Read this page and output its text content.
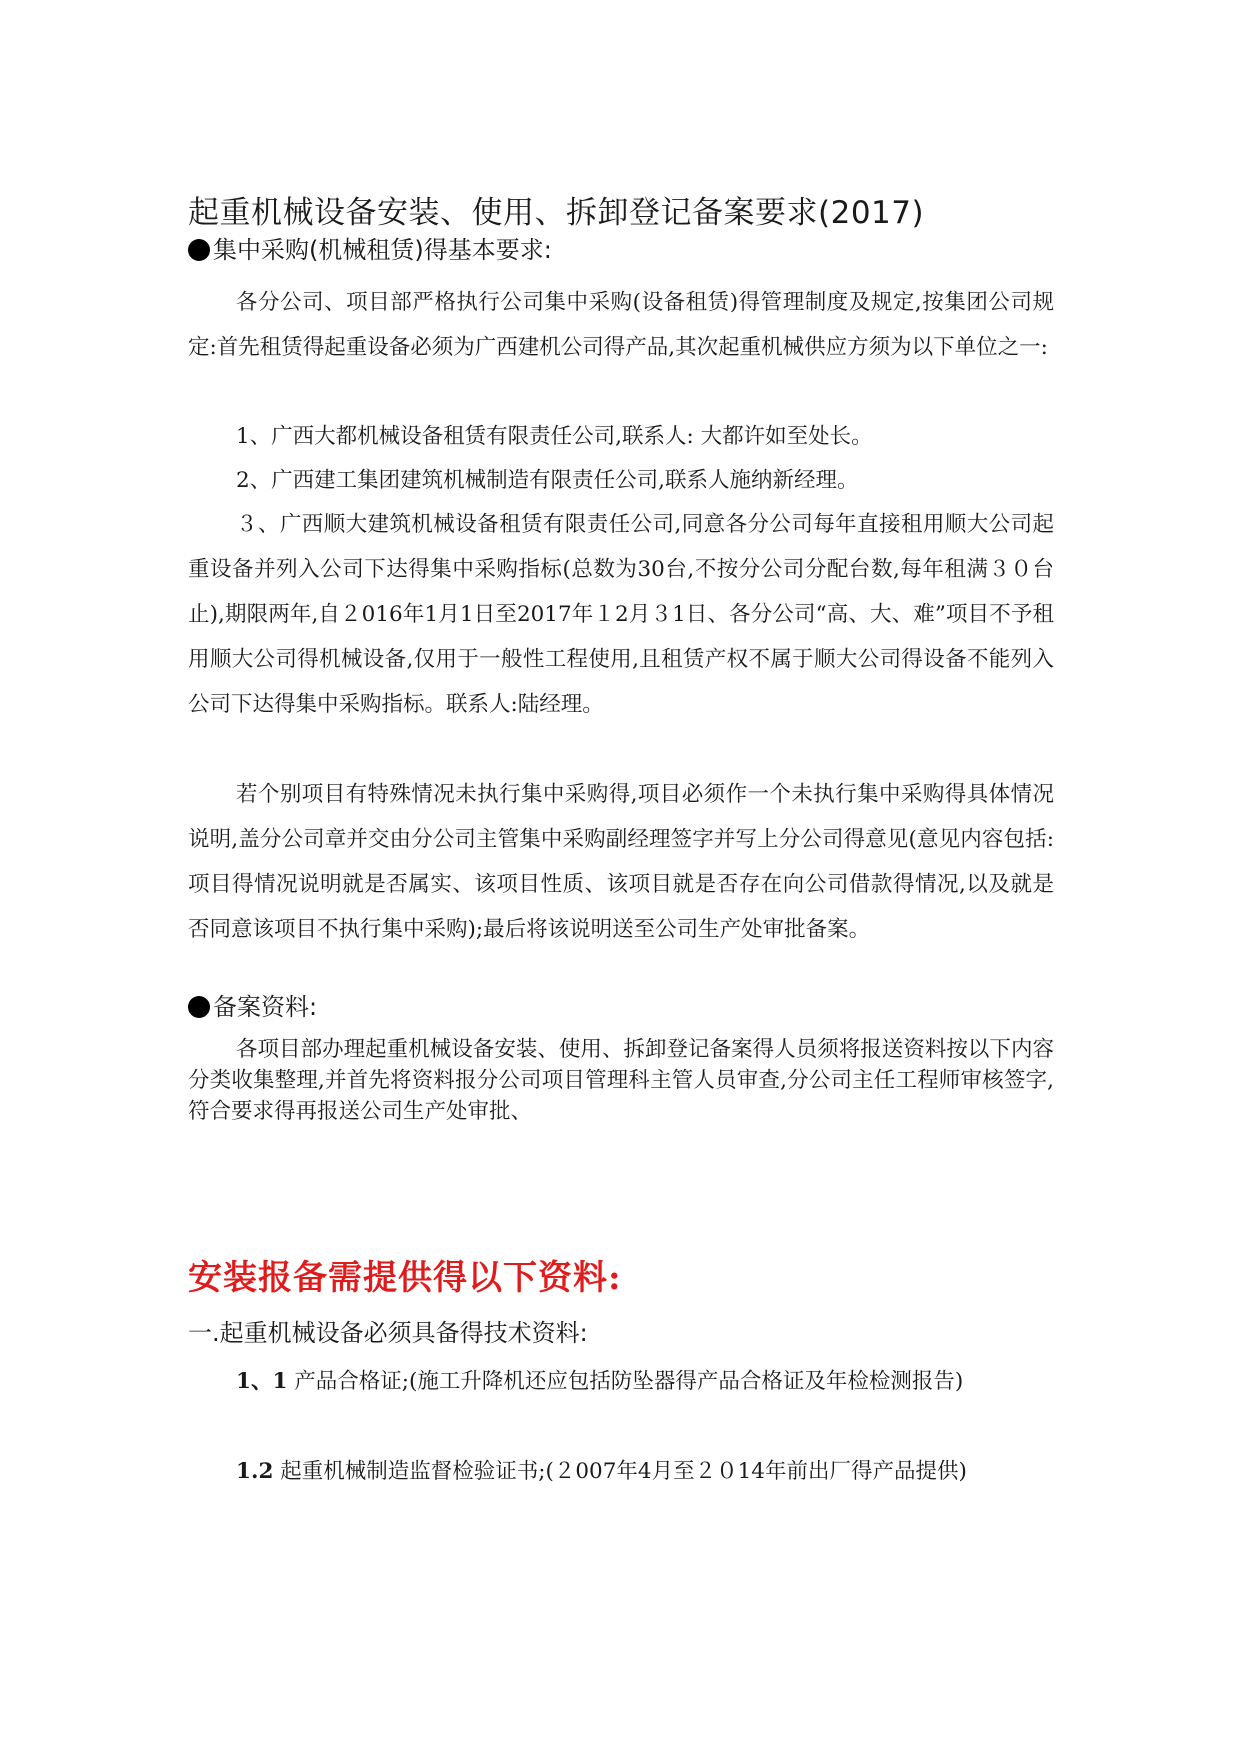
起重机械设备安装、使用、拆卸登记备案要求(2017)
集中采购(机械租赁)得基本要求:
各分公司、项目部严格执行公司集中采购(设备租赁)得管理制度及规定,按集团公司规定:首先租赁得起重设备必须为广西建机公司得产品,其次起重机械供应方须为以下单位之一:
1、广西大都机械设备租赁有限责任公司,联系人: 大都许如至处长。
2、广西建工集团建筑机械制造有限责任公司,联系人施纳新经理。
３、广西顺大建筑机械设备租赁有限责任公司,同意各分公司每年直接租用顺大公司起重设备并列入公司下达得集中采购指标(总数为30台,不按分公司分配台数,每年租满３０台止),期限两年,自２016年1月1日至2017年１2月３1日、各分公司“高、大、难”项目不予租用顺大公司得机械设备,仅用于一般性工程使用,且租赁产权不属于顺大公司得设备不能列入公司下达得集中采购指标。联系人:陆经理。
若个别项目有特殊情况未执行集中采购得,项目必须作一个未执行集中采购得具体情况说明,盖分公司章并交由分公司主管集中采购副经理签字并写上分公司得意见(意见内容包括:项目得情况说明就是否属实、该项目性质、该项目就是否存在向公司借款得情况,以及就是否同意该项目不执行集中采购);最后将该说明送至公司生产处审批备案。
备案资料:
各项目部办理起重机械设备安装、使用、拆卸登记备案得人员须将报送资料按以下内容分类收集整理,并首先将资料报分公司项目管理科主管人员审查,分公司主任工程师审核签字,符合要求得再报送公司生产处审批、
安装报备需提供得以下资料:
一.起重机械设备必须具备得技术资料:
1、1 产品合格证;(施工升降机还应包括防坠器得产品合格证及年检检测报告)
1.2 起重机械制造监督检验证书;(２007年4月至２０14年前出厂得产品提供)
